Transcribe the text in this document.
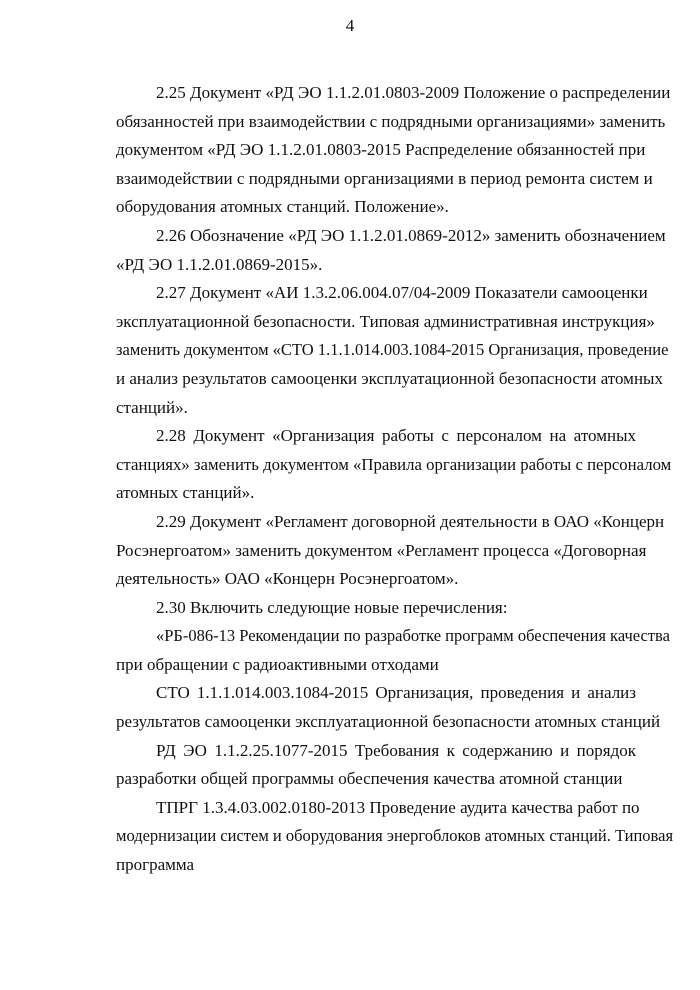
4
2.25 Документ «РД ЭО 1.1.2.01.0803-2009 Положение о распределении
обязанностей при взаимодействии с подрядными организациями» заменить
документом «РД ЭО 1.1.2.01.0803-2015 Распределение обязанностей при
взаимодействии с подрядными организациями в период ремонта систем и
оборудования атомных станций. Положение».
2.26 Обозначение «РД ЭО 1.1.2.01.0869-2012» заменить обозначением
«РД ЭО 1.1.2.01.0869-2015».
2.27 Документ «АИ 1.3.2.06.004.07/04-2009 Показатели самооценки
эксплуатационной безопасности. Типовая административная инструкция»
заменить документом «СТО 1.1.1.014.003.1084-2015 Организация, проведение
и анализ результатов самооценки эксплуатационной безопасности атомных
станций».
2.28 Документ «Организация работы с персоналом на атомных
станциях» заменить документом «Правила организации работы с персоналом
атомных станций».
2.29 Документ «Регламент договорной деятельности в ОАО «Концерн
Росэнергоатом» заменить документом «Регламент процесса «Договорная
деятельность» ОАО «Концерн Росэнергоатом».
2.30 Включить следующие новые перечисления:
«РБ-086-13 Рекомендации по разработке программ обеспечения качества
при обращении с радиоактивными отходами
СТО 1.1.1.014.003.1084-2015 Организация, проведения и анализ
результатов самооценки эксплуатационной безопасности атомных станций
РД ЭО 1.1.2.25.1077-2015 Требования к содержанию и порядок
разработки общей программы обеспечения качества атомной станции
ТПРГ 1.3.4.03.002.0180-2013 Проведение аудита качества работ по
модернизации систем и оборудования энергоблоков атомных станций. Типовая
программа
